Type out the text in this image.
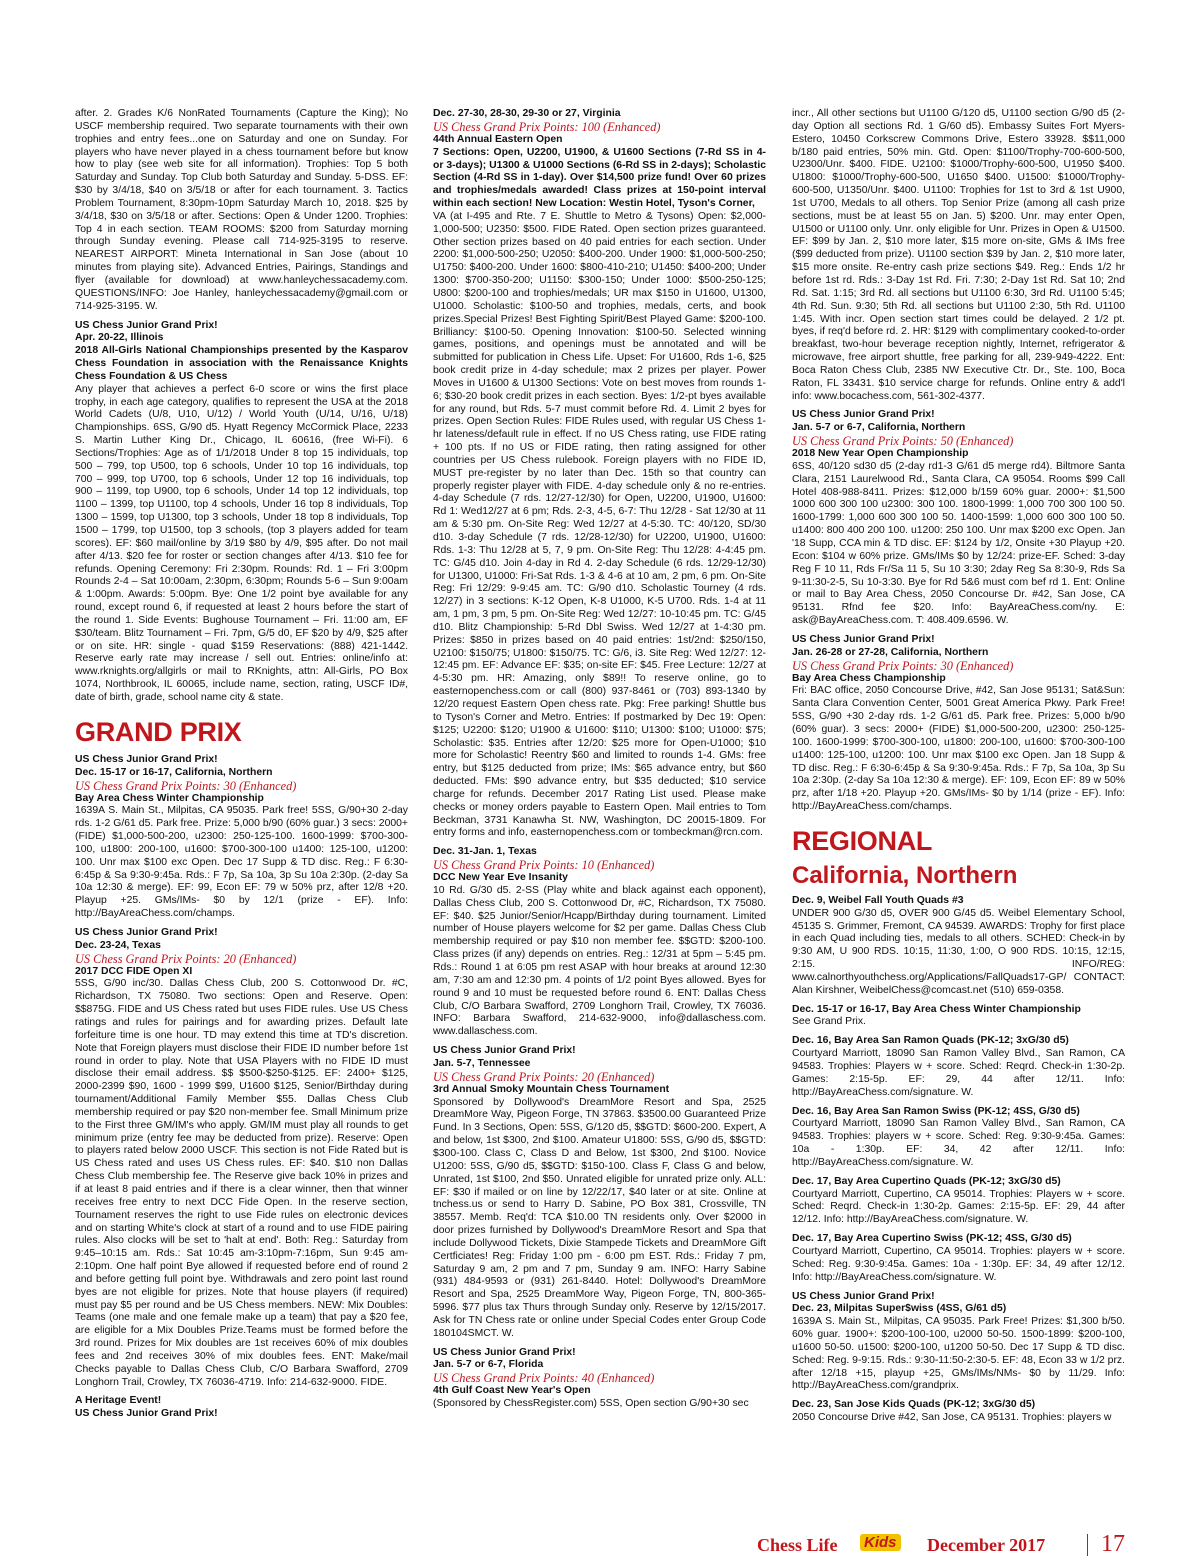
after. 2. Grades K/6 NonRated Tournaments (Capture the King); No USCF membership required. Two separate tournaments with their own trophies and entry fees...one on Saturday and one on Sunday. For players who have never played in a chess tournament before but know how to play (see web site for all information). Trophies: Top 5 both Saturday and Sunday. Top Club both Saturday and Sunday. 5-DSS. EF: $30 by 3/4/18, $40 on 3/5/18 or after for each tournament. 3. Tactics Problem Tournament, 8:30pm-10pm Saturday March 10, 2018. $25 by 3/4/18, $30 on 3/5/18 or after. Sections: Open & Under 1200. Trophies: Top 4 in each section. TEAM ROOMS: $200 from Saturday morning through Sunday evening. Please call 714-925-3195 to reserve. NEAREST AIRPORT: Mineta International in San Jose (about 10 minutes from playing site). Advanced Entries, Pairings, Standings and flyer (available for download) at www.hanleychessacademy.com. QUESTIONS/INFO: Joe Hanley, hanleychessacademy@gmail.com or 714-925-3195. W.

US Chess Junior Grand Prix!
Apr. 20-22, Illinois
2018 All-Girls National Championships presented by the Kasparov Chess Foundation in association with the Renaissance Knights Chess Foundation & US Chess

Any player that achieves a perfect 6-0 score or wins the first place trophy, in each age category, qualifies to represent the USA at the 2018 World Cadets (U/8, U10, U/12) / World Youth (U/14, U/16, U/18) Championships. 6SS, G/90 d5. Hyatt Regency McCormick Place, 2233 S. Martin Luther King Dr., Chicago, IL 60616, (free Wi-Fi). 6 Sections/Trophies: Age as of 1/1/2018 Under 8 top 15 individuals, top 500 – 799, top U500, top 6 schools, Under 10 top 16 individuals, top 700 – 999, top U700, top 6 schools, Under 12 top 16 individuals, top 900 – 1199, top U900, top 6 schools, Under 14 top 12 individuals, top 1100 – 1399, top U1100, top 4 schools, Under 16 top 8 individuals, Top 1300 – 1599, top U1300, top 3 schools, Under 18 top 8 individuals, Top 1500 – 1799, top U1500, top 3 schools, (top 3 players added for team scores). EF: $60 mail/online by 3/19 $80 by 4/9, $95 after. Do not mail after 4/13. $20 fee for roster or section changes after 4/13. $10 fee for refunds. Opening Ceremony: Fri 2:30pm. Rounds: Rd. 1 – Fri 3:00pm Rounds 2-4 – Sat 10:00am, 2:30pm, 6:30pm; Rounds 5-6 – Sun 9:00am & 1:00pm. Awards: 5:00pm. Bye: One 1/2 point bye available for any round, except round 6, if requested at least 2 hours before the start of the round 1. Side Events: Bughouse Tournament – Fri. 11:00 am, EF $30/team. Blitz Tournament – Fri. 7pm, G/5 d0, EF $20 by 4/9, $25 after or on site. HR: single - quad $159 Reservations: (888) 421-1442. Reserve early rate may increase / sell out. Entries: online/info at: www.rknights.org/allgirls or mail to RKnights, attn: All-Girls, PO Box 1074, Northbrook, IL 60065, include name, section, rating, USCF ID#, date of birth, grade, school name city & state.

GRAND PRIX
US Chess Junior Grand Prix!
Dec. 15-17 or 16-17, California, Northern
US Chess Grand Prix Points: 30 (Enhanced)
Bay Area Chess Winter Championship

1639A S. Main St., Milpitas, CA 95035. Park free! 5SS, G/90+30 2-day rds. 1-2 G/61 d5. Park free. Prize: 5,000 b/90 (60% guar.) 3 secs: 2000+ (FIDE) $1,000-500-200, u2300: 250-125-100. 1600-1999: $700-300-100, u1800: 200-100, u1600: $700-300-100 u1400: 125-100, u1200: 100. Unr max $100 exc Open. Dec 17 Supp & TD disc. Reg.: F 6:30-6:45p & Sa 9:30-9:45a. Rds.: F 7p, Sa 10a, 3p Su 10a 2:30p. (2-day Sa 10a 12:30 & merge). EF: 99, Econ EF: 79 w 50% prz, after 12/8 +20. Playup +25. GMs/IMs- $0 by 12/1 (prize - EF). Info: http://BayAreaChess.com/champs.

US Chess Junior Grand Prix!
Dec. 23-24, Texas
US Chess Grand Prix Points: 20 (Enhanced)
2017 DCC FIDE Open XI

5SS, G/90 inc/30. Dallas Chess Club, 200 S. Cottonwood Dr. #C, Richardson, TX 75080. Two sections: Open and Reserve. Open: $$875G. FIDE and US Chess rated but uses FIDE rules. Use US Chess ratings and rules for pairings and for awarding prizes. Default late forfeiture time is one hour. TD may extend this time at TD's discretion. Note that Foreign players must disclose their FIDE ID number before 1st round in order to play. Note that USA Players with no FIDE ID must disclose their email address. $$ $500-$250-$125. EF: 2400+ $125, 2000-2399 $90, 1600 - 1999 $99, U1600 $125, Senior/Birthday during tournament/Additional Family Member $55. Dallas Chess Club membership required or pay $20 non-member fee. Small Minimum prize to the First three GM/IM's who apply. GM/IM must play all rounds to get minimum prize (entry fee may be deducted from prize). Reserve: Open to players rated below 2000 USCF. This section is not Fide Rated but is US Chess rated and uses US Chess rules. EF: $40. $10 non Dallas Chess Club membership fee. The Reserve give back 10% in prizes and if at least 8 paid entries and if there is a clear winner, then that winner receives free entry to next DCC Fide Open. In the reserve section, Tournament reserves the right to use Fide rules on electronic devices and on starting White's clock at start of a round and to use FIDE pairing rules. Also clocks will be set to 'halt at end'. Both: Reg.: Saturday from 9:45–10:15 am. Rds.: Sat 10:45 am-3:10pm-7:16pm, Sun 9:45 am- 2:10pm. One half point Bye allowed if requested before end of round 2 and before getting full point bye. Withdrawals and zero point last round byes are not eligible for prizes. Note that house players (if required) must pay $5 per round and be US Chess members. NEW: Mix Doubles: Teams (one male and one female make up a team) that pay a $20 fee, are eligible for a Mix Doubles Prize.Teams must be formed before the 3rd round. Prizes for Mix doubles are 1st receives 60% of mix doubles fees and 2nd receives 30% of mix doubles fees. ENT: Make/mail Checks payable to Dallas Chess Club, C/O Barbara Swafford, 2709 Longhorn Trail, Crowley, TX 76036-4719. Info: 214-632-9000. FIDE.

A Heritage Event!
US Chess Junior Grand Prix!
Dec. 27-30, 28-30, 29-30 or 27, Virginia
US Chess Grand Prix Points: 100 (Enhanced)
44th Annual Eastern Open
7 Sections: Open, U2200, U1900, & U1600 Sections (7-Rd SS in 4- or 3-days); U1300 & U1000 Sections (6-Rd SS in 2-days); Scholastic Section (4-Rd SS in 1-day). Over $14,500 prize fund! Over 60 prizes and trophies/medals awarded! Class prizes at 150-point interval within each section! New Location: Westin Hotel, Tyson's Corner,

VA (at I-495 and Rte. 7 E. Shuttle to Metro & Tysons) Open: $2,000-1,000-500; U2350: $500. FIDE Rated. Open section prizes guaranteed. Other section prizes based on 40 paid entries for each section. Under 2200: $1,000-500-250; U2050: $400-200. Under 1900: $1,000-500-250; U1750: $400-200. Under 1600: $800-410-210; U1450: $400-200; Under 1300: $700-350-200; U1150: $300-150; Under 1000: $500-250-125; U800: $200-100 and trophies/medals; UR max $150 in U1600, U1300, U1000. Scholastic: $100-50 and trophies, medals, certs, and book prizes.Special Prizes! Best Fighting Spirit/Best Played Game: $200-100. Brilliancy: $100-50. Opening Innovation: $100-50. Selected winning games, positions, and openings must be annotated and will be submitted for publication in Chess Life. Upset: For U1600, Rds 1-6, $25 book credit prize in 4-day schedule; max 2 prizes per player. Power Moves in U1600 & U1300 Sections: Vote on best moves from rounds 1-6; $30-20 book credit prizes in each section. Byes: 1/2-pt byes available for any round, but Rds. 5-7 must commit before Rd. 4. Limit 2 byes for prizes. Open Section Rules: FIDE Rules used, with regular US Chess 1-hr lateness/default rule in effect. If no US Chess rating, use FIDE rating + 100 pts. If no US or FIDE rating, then rating assigned for other countries per US Chess rulebook. Foreign players with no FIDE ID, MUST pre-register by no later than Dec. 15th so that country can properly register player with FIDE. 4-day schedule only & no re-entries. 4-day Schedule (7 rds. 12/27-12/30) for Open, U2200, U1900, U1600: Rd 1: Wed12/27 at 6 pm; Rds. 2-3, 4-5, 6-7: Thu 12/28 - Sat 12/30 at 11 am & 5:30 pm. On-Site Reg: Wed 12/27 at 4-5:30. TC: 40/120, SD/30 d10. 3-day Schedule (7 rds. 12/28-12/30) for U2200, U1900, U1600: Rds. 1-3: Thu 12/28 at 5, 7, 9 pm. On-Site Reg: Thu 12/28: 4-4:45 pm. TC: G/45 d10. Join 4-day in Rd 4. 2-day Schedule (6 rds. 12/29-12/30) for U1300, U1000: Fri-Sat Rds. 1-3 & 4-6 at 10 am, 2 pm, 6 pm. On-Site Reg: Fri 12/29: 9-9:45 am. TC: G/90 d10. Scholastic Tourney (4 rds. 12/27) in 3 sections: K-12 Open, K-8 U1000, K-5 U700. Rds. 1-4 at 11 am, 1 pm, 3 pm, 5 pm. On-Site Reg: Wed 12/27: 10-10:45 pm. TC: G/45 d10. Blitz Championship: 5-Rd Dbl Swiss. Wed 12/27 at 1-4:30 pm. Prizes: $850 in prizes based on 40 paid entries: 1st/2nd: $250/150, U2100: $150/75; U1800: $150/75. TC: G/6, i3. Site Reg: Wed 12/27: 12-12:45 pm. EF: Advance EF: $35; on-site EF: $45. Free Lecture: 12/27 at 4-5:30 pm. HR: Amazing, only $89!! To reserve online, go to easternopenchess.com or call (800) 937-8461 or (703) 893-1340 by 12/20 request Eastern Open chess rate. Pkg: Free parking! Shuttle bus to Tyson's Corner and Metro. Entries: If postmarked by Dec 19: Open: $125; U2200: $120; U1900 & U1600: $110; U1300: $100; U1000: $75; Scholastic: $35. Entries after 12/20: $25 more for Open-U1000; $10 more for Scholastic! Reentry $60 and limited to rounds 1-4. GMs: free entry, but $125 deducted from prize; IMs: $65 advance entry, but $60 deducted. FMs: $90 advance entry, but $35 deducted; $10 service charge for refunds. December 2017 Rating List used. Please make checks or money orders payable to Eastern Open. Mail entries to Tom Beckman, 3731 Kanawha St. NW, Washington, DC 20015-1809. For entry forms and info, easternopenchess.com or tombeckman@rcn.com.

Dec. 31-Jan. 1, Texas
US Chess Grand Prix Points: 10 (Enhanced)
DCC New Year Eve Insanity

10 Rd. G/30 d5. 2-SS (Play white and black against each opponent), Dallas Chess Club, 200 S. Cottonwood Dr, #C, Richardson, TX 75080. EF: $40. $25 Junior/Senior/Hcapp/Birthday during tournament. Limited number of House players welcome for $2 per game. Dallas Chess Club membership required or pay $10 non member fee. $$GTD: $200-100. Class prizes (if any) depends on entries. Reg.: 12/31 at 5pm – 5:45 pm. Rds.: Round 1 at 6:05 pm rest ASAP with hour breaks at around 12:30 am, 7:30 am and 12:30 pm. 4 points of 1/2 point Byes allowed. Byes for round 9 and 10 must be requested before round 6. ENT: Dallas Chess Club, C/O Barbara Swafford, 2709 Longhorn Trail, Crowley, TX 76036. INFO: Barbara Swafford, 214-632-9000, info@dallaschess.com. www.dallaschess.com.

US Chess Junior Grand Prix!
Jan. 5-7, Tennessee
US Chess Grand Prix Points: 20 (Enhanced)
3rd Annual Smoky Mountain Chess Tournament

Sponsored by Dollywood's DreamMore Resort and Spa, 2525 DreamMore Way, Pigeon Forge, TN 37863. $3500.00 Guaranteed Prize Fund. In 3 Sections, Open: 5SS, G/120 d5, $$GTD: $600-200. Expert, A and below, 1st $300, 2nd $100. Amateur U1800: 5SS, G/90 d5, $$GTD: $300-100. Class C, Class D and Below, 1st $300, 2nd $100. Novice U1200: 5SS, G/90 d5, $$GTD: $150-100. Class F, Class G and below, Unrated, 1st $100, 2nd $50. Unrated eligible for unrated prize only. ALL: EF: $30 if mailed or on line by 12/22/17, $40 later or at site. Online at tnchess.us or send to Harry D. Sabine, PO Box 381, Crossville, TN 38557. Memb. Req'd: TCA $10.00 TN residents only. Over $2000 in door prizes furnished by Dollywood's DreamMore Resort and Spa that include Dollywood Tickets, Dixie Stampede Tickets and DreamMore Gift Certficiates! Reg: Friday 1:00 pm - 6:00 pm EST. Rds.: Friday 7 pm, Saturday 9 am, 2 pm and 7 pm, Sunday 9 am. INFO: Harry Sabine (931) 484-9593 or (931) 261-8440. Hotel: Dollywood's DreamMore Resort and Spa, 2525 DreamMore Way, Pigeon Forge, TN, 800-365-5996. $77 plus tax Thurs through Sunday only. Reserve by 12/15/2017. Ask for TN Chess rate or online under Special Codes enter Group Code 180104SMCT. W.

US Chess Junior Grand Prix!
Jan. 5-7 or 6-7, Florida
US Chess Grand Prix Points: 40 (Enhanced)
4th Gulf Coast New Year's Open

(Sponsored by ChessRegister.com) 5SS, Open section G/90+30 sec

incr., All other sections but U1100 G/120 d5, U1100 section G/90 d5 (2-day Option all sections Rd. 1 G/60 d5). Embassy Suites Fort Myers-Estero, 10450 Corkscrew Commons Drive, Estero 33928. $$11,000 b/180 paid entries, 50% min. Gtd. Open: $1100/Trophy-700-600-500, U2300/Unr. $400. FIDE. U2100: $1000/Trophy-600-500, U1950 $400. U1800: $1000/Trophy-600-500, U1650 $400. U1500: $1000/Trophy-600-500, U1350/Unr. $400. U1100: Trophies for 1st to 3rd & 1st U900, 1st U700, Medals to all others. Top Senior Prize (among all cash prize sections, must be at least 55 on Jan. 5) $200. Unr. may enter Open, U1500 or U1100 only. Unr. only eligible for Unr. Prizes in Open & U1500. EF: $99 by Jan. 2, $10 more later, $15 more on-site, GMs & IMs free ($99 deducted from prize). U1100 section $39 by Jan. 2, $10 more later, $15 more onsite. Re-entry cash prize sections $49. Reg.: Ends 1/2 hr before 1st rd. Rds.: 3-Day 1st Rd. Fri. 7:30; 2-Day 1st Rd. Sat 10; 2nd Rd. Sat. 1:15; 3rd Rd. all sections but U1100 6:30, 3rd Rd. U1100 5:45; 4th Rd. Sun. 9:30; 5th Rd. all sections but U1100 2:30, 5th Rd. U1100 1:45. With incr. Open section start times could be delayed. 2 1/2 pt. byes, if req'd before rd. 2. HR: $129 with complimentary cooked-to-order breakfast, two-hour beverage reception nightly, Internet, refrigerator & microwave, free airport shuttle, free parking for all, 239-949-4222. Ent: Boca Raton Chess Club, 2385 NW Executive Ctr. Dr., Ste. 100, Boca Raton, FL 33431. $10 service charge for refunds. Online entry & add'l info: www.bocachess.com, 561-302-4377.

US Chess Junior Grand Prix!
Jan. 5-7 or 6-7, California, Northern
US Chess Grand Prix Points: 50 (Enhanced)
2018 New Year Open Championship

6SS, 40/120 sd30 d5 (2-day rd1-3 G/61 d5 merge rd4). Biltmore Santa Clara, 2151 Laurelwood Rd., Santa Clara, CA 95054. Rooms $99 Call Hotel 408-988-8411. Prizes: $12,000 b/159 60% guar. 2000+: $1,500 1000 600 300 100 u2300: 300 100. 1800-1999: 1,000 700 300 100 50. 1600-1799: 1,000 600 300 100 50. 1400-1599: 1,000 600 300 100 50. u1400: 800 400 200 100. u1200: 250 100. Unr max $200 exc Open. Jan '18 Supp, CCA min & TD disc. EF: $124 by 1/2, Onsite +30 Playup +20. Econ: $104 w 60% prize. GMs/IMs $0 by 12/24: prize-EF. Sched: 3-day Reg F 10 11, Rds Fr/Sa 11 5, Su 10 3:30; 2day Reg Sa 8:30-9, Rds Sa 9-11:30-2-5, Su 10-3:30. Bye for Rd 5&6 must com bef rd 1. Ent: Online or mail to Bay Area Chess, 2050 Concourse Dr. #42, San Jose, CA 95131. Rfnd fee $20. Info: BayAreaChess.com/ny. E: ask@BayAreaChess.com. T: 408.409.6596. W.

US Chess Junior Grand Prix!
Jan. 26-28 or 27-28, California, Northern
US Chess Grand Prix Points: 30 (Enhanced)
Bay Area Chess Championship

Fri: BAC office, 2050 Concourse Drive, #42, San Jose 95131; Sat&Sun: Santa Clara Convention Center, 5001 Great America Pkwy. Park Free! 5SS, G/90 +30 2-day rds. 1-2 G/61 d5. Park free. Prizes: 5,000 b/90 (60% guar). 3 secs: 2000+ (FIDE) $1,000-500-200, u2300: 250-125-100. 1600-1999: $700-300-100, u1800: 200-100, u1600: $700-300-100 u1400: 125-100, u1200: 100. Unr max $100 exc Open. Jan 18 Supp & TD disc. Reg.: F 6:30-6:45p & Sa 9:30-9:45a. Rds.: F 7p, Sa 10a, 3p Su 10a 2:30p. (2-day Sa 10a 12:30 & merge). EF: 109, Econ EF: 89 w 50% prz, after 1/18 +20. Playup +20. GMs/IMs- $0 by 1/14 (prize - EF). Info: http://BayAreaChess.com/champs.

REGIONAL
California, Northern
Dec. 9, Weibel Fall Youth Quads #3

UNDER 900 G/30 d5, OVER 900 G/45 d5. Weibel Elementary School, 45135 S. Grimmer, Fremont, CA 94539. AWARDS: Trophy for first place in each Quad including ties, medals to all others. SCHED: Check-in by 9:30 AM, U 900 RDS. 10:15, 11:30, 1:00, O 900 RDS. 10:15, 12:15, 2:15. INFO/REG: www.calnorthyouthchess.org/Applications/FallQuads17-GP/ CONTACT: Alan Kirshner, WeibelChess@comcast.net (510) 659-0358.

Dec. 15-17 or 16-17, Bay Area Chess Winter Championship

See Grand Prix.

Dec. 16, Bay Area San Ramon Quads (PK-12; 3xG/30 d5)

Courtyard Marriott, 18090 San Ramon Valley Blvd., San Ramon, CA 94583. Trophies: Players w + score. Sched: Reqrd. Check-in 1:30-2p. Games: 2:15-5p. EF: 29, 44 after 12/11. Info: http://BayAreaChess.com/signature. W.

Dec. 16, Bay Area San Ramon Swiss (PK-12; 4SS, G/30 d5)

Courtyard Marriott, 18090 San Ramon Valley Blvd., San Ramon, CA 94583. Trophies: players w + score. Sched: Reg. 9:30-9:45a. Games: 10a - 1:30p. EF: 34, 42 after 12/11. Info: http://BayAreaChess.com/signature. W.

Dec. 17, Bay Area Cupertino Quads (PK-12; 3xG/30 d5)

Courtyard Marriott, Cupertino, CA 95014. Trophies: Players w + score. Sched: Reqrd. Check-in 1:30-2p. Games: 2:15-5p. EF: 29, 44 after 12/12. Info: http://BayAreaChess.com/signature. W.

Dec. 17, Bay Area Cupertino Swiss (PK-12; 4SS, G/30 d5)

Courtyard Marriott, Cupertino, CA 95014. Trophies: players w + score. Sched: Reg. 9:30-9:45a. Games: 10a - 1:30p. EF: 34, 49 after 12/12. Info: http://BayAreaChess.com/signature. W.

US Chess Junior Grand Prix!
Dec. 23, Milpitas Super$wiss (4SS, G/61 d5)

1639A S. Main St., Milpitas, CA 95035. Park Free! Prizes: $1,300 b/50. 60% guar. 1900+: $200-100-100, u2000 50-50. 1500-1899: $200-100, u1600 50-50. u1500: $200-100, u1200 50-50. Dec 17 Supp & TD disc. Sched: Reg. 9-9:15. Rds.: 9:30-11:50-2:30-5. EF: 48, Econ 33 w 1/2 prz. after 12/18 +15, playup +25, GMs/IMs/NMs- $0 by 11/29. Info: http://BayAreaChess.com/grandprix.

Dec. 23, San Jose Kids Quads (PK-12; 3xG/30 d5)

2050 Concourse Drive #42, San Jose, CA 95131. Trophies: players w

Chess Life Kids December 2017 17
